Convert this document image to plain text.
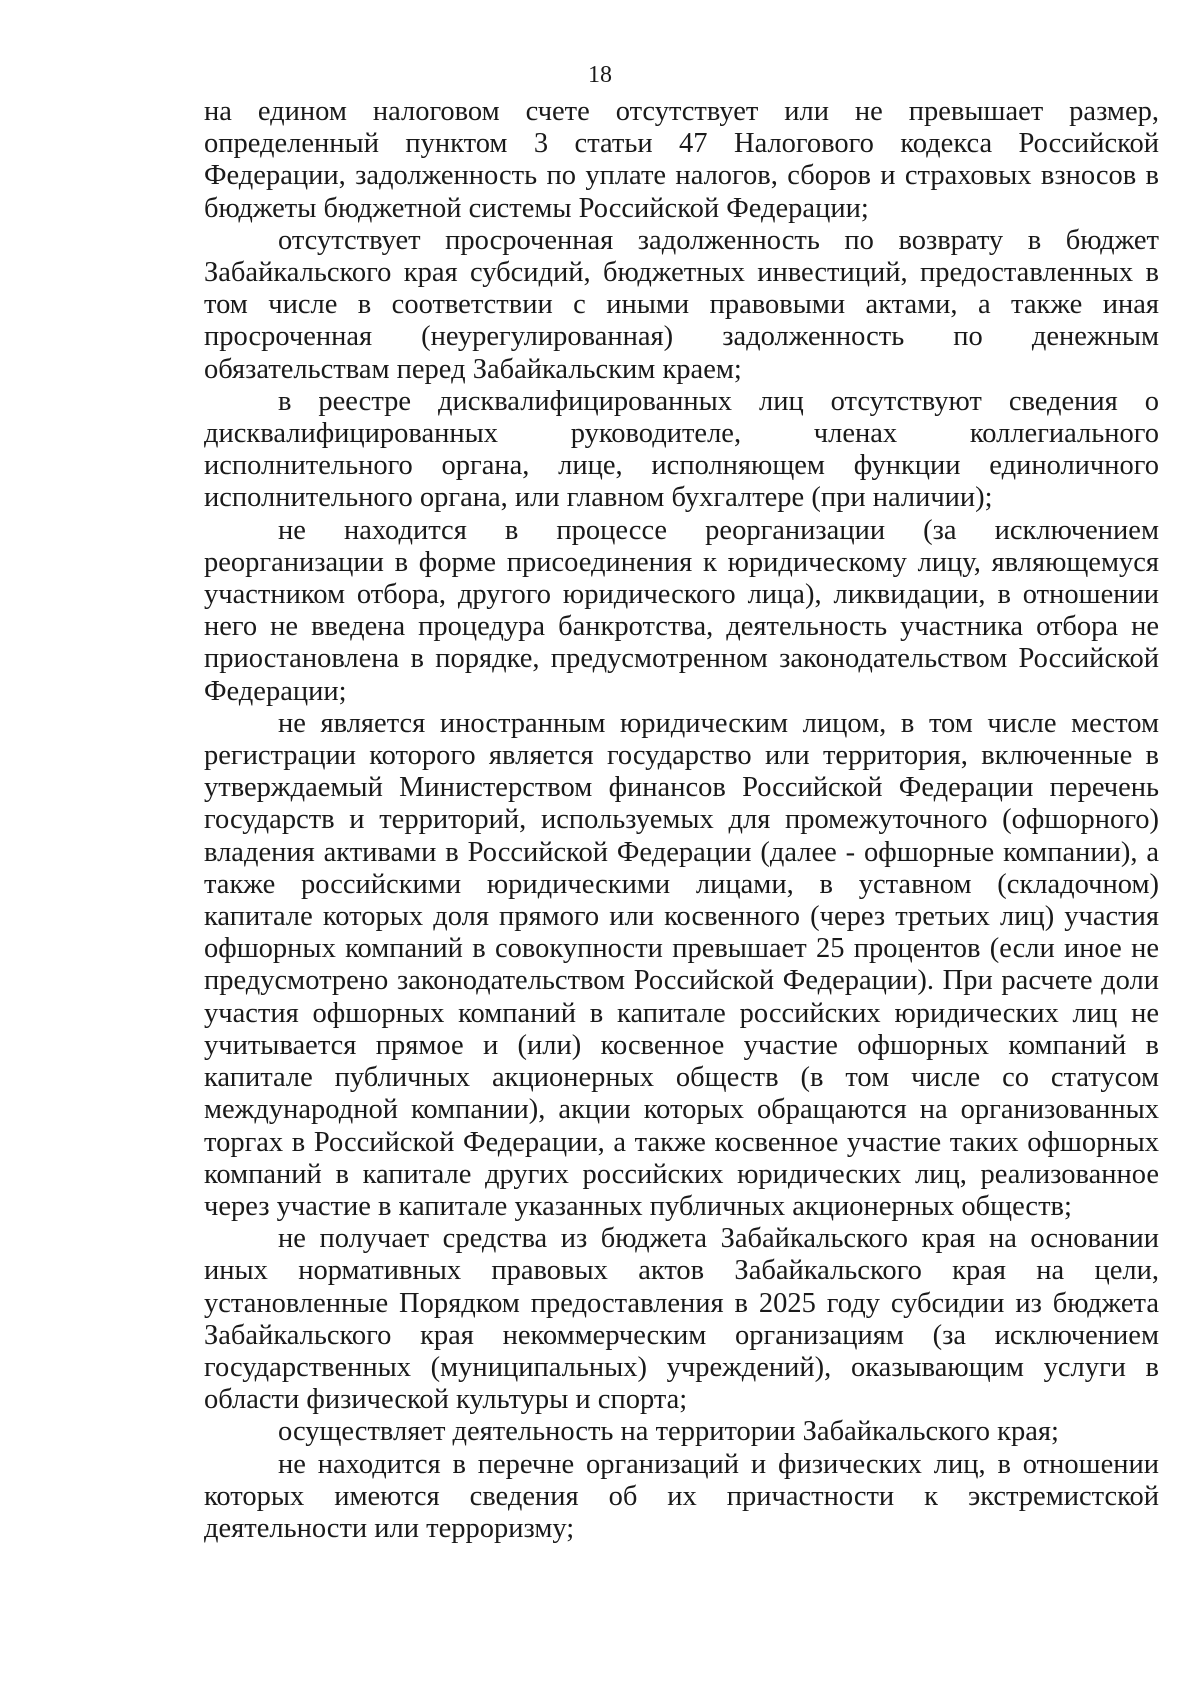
18

на едином налоговом счете отсутствует или не превышает размер, определенный пунктом 3 статьи 47 Налогового кодекса Российской Федерации, задолженность по уплате налогов, сборов и страховых взносов в бюджеты бюджетной системы Российской Федерации;

отсутствует просроченная задолженность по возврату в бюджет Забайкальского края субсидий, бюджетных инвестиций, предоставленных в том числе в соответствии с иными правовыми актами, а также иная просроченная (неурегулированная) задолженность по денежным обязательствам перед Забайкальским краем;

в реестре дисквалифицированных лиц отсутствуют сведения о дисквалифицированных руководителе, членах коллегиального исполнительного органа, лице, исполняющем функции единоличного исполнительного органа, или главном бухгалтере (при наличии);

не находится в процессе реорганизации (за исключением реорганизации в форме присоединения к юридическому лицу, являющемуся участником отбора, другого юридического лица), ликвидации, в отношении него не введена процедура банкротства, деятельность участника отбора не приостановлена в порядке, предусмотренном законодательством Российской Федерации;

не является иностранным юридическим лицом, в том числе местом регистрации которого является государство или территория, включенные в утверждаемый Министерством финансов Российской Федерации перечень государств и территорий, используемых для промежуточного (офшорного) владения активами в Российской Федерации (далее - офшорные компании), а также российскими юридическими лицами, в уставном (складочном) капитале которых доля прямого или косвенного (через третьих лиц) участия офшорных компаний в совокупности превышает 25 процентов (если иное не предусмотрено законодательством Российской Федерации). При расчете доли участия офшорных компаний в капитале российских юридических лиц не учитывается прямое и (или) косвенное участие офшорных компаний в капитале публичных акционерных обществ (в том числе со статусом международной компании), акции которых обращаются на организованных торгах в Российской Федерации, а также косвенное участие таких офшорных компаний в капитале других российских юридических лиц, реализованное через участие в капитале указанных публичных акционерных обществ;

не получает средства из бюджета Забайкальского края на основании иных нормативных правовых актов Забайкальского края на цели, установленные Порядком предоставления в 2025 году субсидии из бюджета Забайкальского края некоммерческим организациям (за исключением государственных (муниципальных) учреждений), оказывающим услуги в области физической культуры и спорта;

осуществляет деятельность на территории Забайкальского края;

не находится в перечне организаций и физических лиц, в отношении которых имеются сведения об их причастности к экстремистской деятельности или терроризму;
